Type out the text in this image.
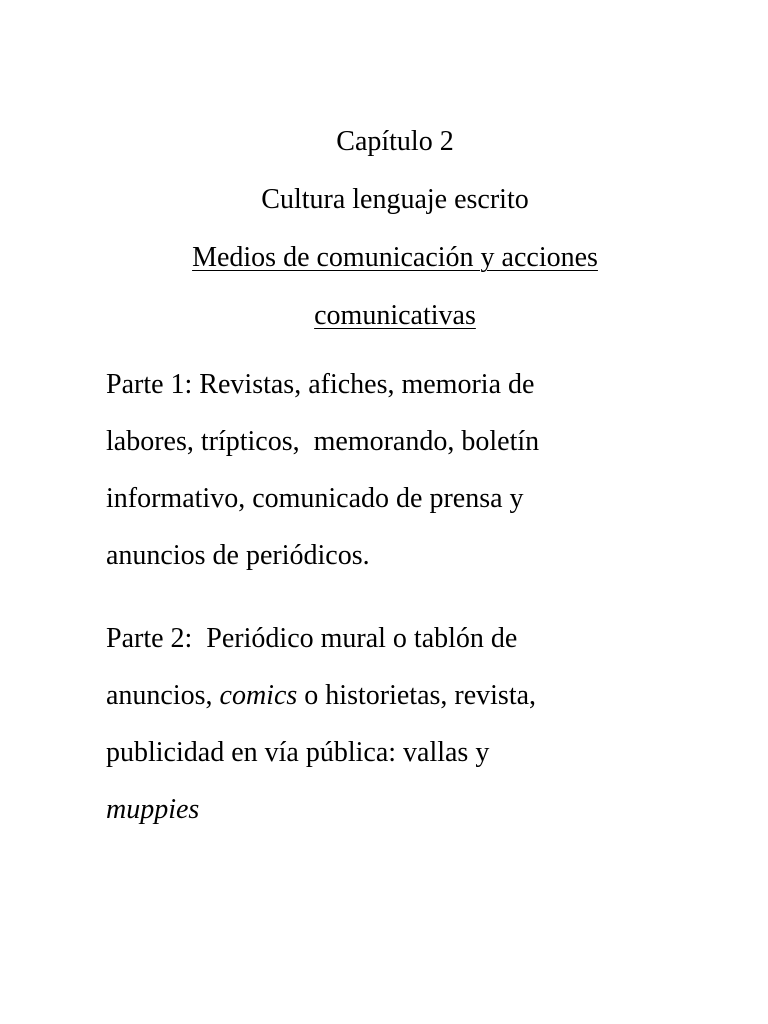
Capítulo 2
Cultura lenguaje escrito
Medios de comunicación y acciones
comunicativas
Parte 1: Revistas, afiches, memoria de
labores, trípticos,  memorando, boletín
informativo, comunicado de prensa y
anuncios de periódicos.
Parte 2:  Periódico mural o tablón de
anuncios, comics o historietas, revista,
publicidad en vía pública: vallas y
muppies
